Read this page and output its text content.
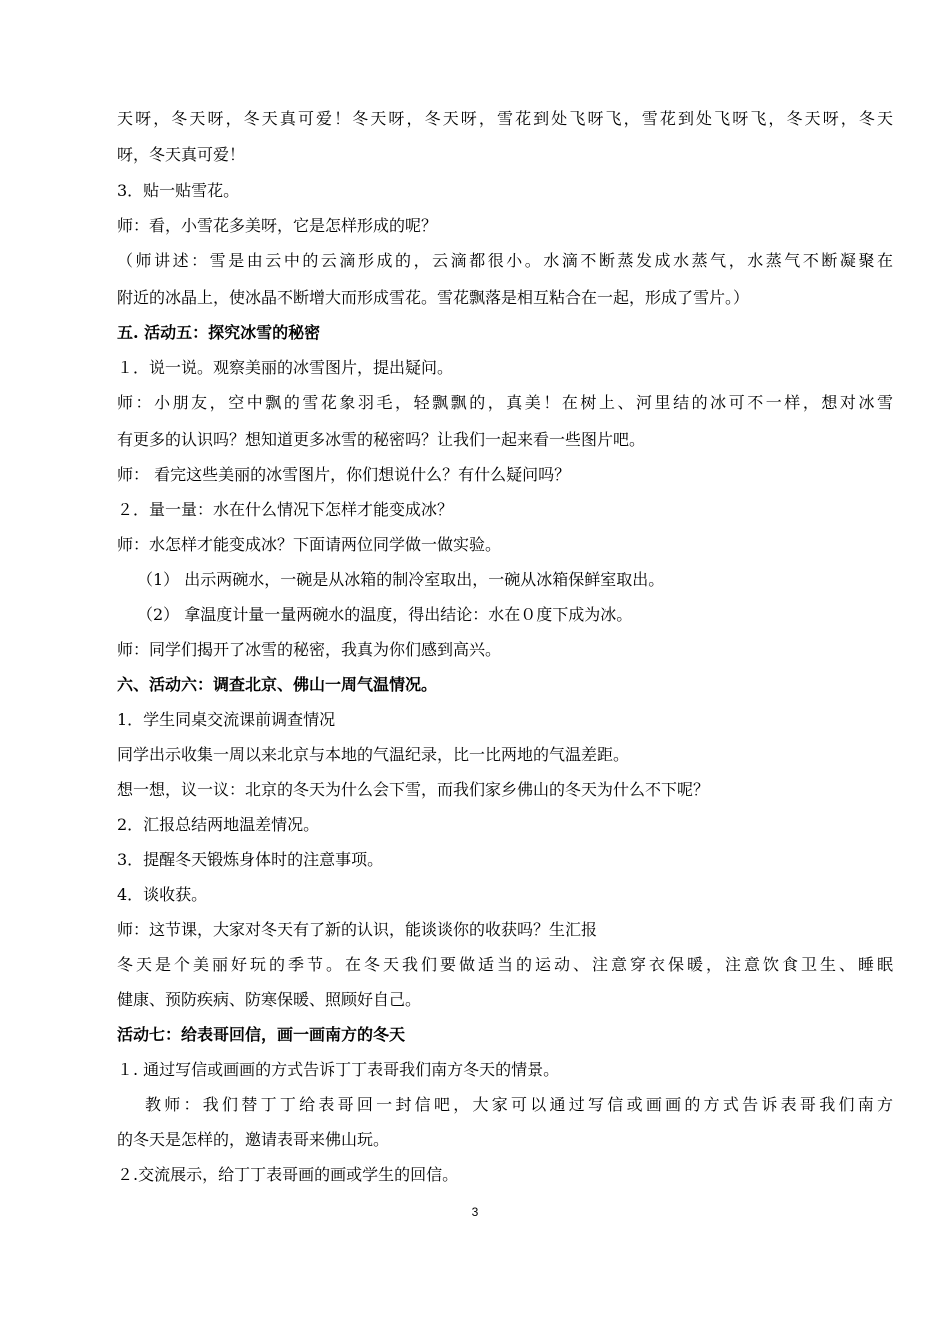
天呀，冬天呀，冬天真可爱！冬天呀，冬天呀，雪花到处飞呀飞，雪花到处飞呀飞，冬天呀，冬天
呀，冬天真可爱！
3．贴一贴雪花。
师：看，小雪花多美呀，它是怎样形成的呢？
（师讲述：雪是由云中的云滴形成的，云滴都很小。水滴不断蒸发成水蒸气，水蒸气不断凝聚在
附近的冰晶上，使冰晶不断增大而形成雪花。雪花飘落是相互粘合在一起，形成了雪片。）
五. 活动五：探究冰雪的秘密
１．说一说。观察美丽的冰雪图片，提出疑问。
师：小朋友，空中飘的雪花象羽毛，轻飘飘的，真美！在树上、河里结的冰可不一样，想对冰雪
有更多的认识吗？想知道更多冰雪的秘密吗？让我们一起来看一些图片吧。
师： 看完这些美丽的冰雪图片，你们想说什么？有什么疑问吗？
２．量一量：水在什么情况下怎样才能变成冰？
师：水怎样才能变成冰？下面请两位同学做一做实验。
（1） 出示两碗水，一碗是从冰箱的制冷室取出，一碗从冰箱保鲜室取出。
（2） 拿温度计量一量两碗水的温度，得出结论：水在０度下成为冰。
师：同学们揭开了冰雪的秘密，我真为你们感到高兴。
六、活动六：调查北京、佛山一周气温情况。
1．学生同桌交流课前调查情况
同学出示收集一周以来北京与本地的气温纪录，比一比两地的气温差距。
想一想，议一议：北京的冬天为什么会下雪，而我们家乡佛山的冬天为什么不下呢？
2．汇报总结两地温差情况。
3．提醒冬天锻炼身体时的注意事项。
4．谈收获。
师：这节课，大家对冬天有了新的认识，能谈谈你的收获吗？生汇报
冬天是个美丽好玩的季节。在冬天我们要做适当的运动、注意穿衣保暖，注意饮食卫生、睡眠
健康、预防疾病、防寒保暖、照顾好自己。
活动七：给表哥回信，画一画南方的冬天
１. 通过写信或画画的方式告诉丁丁表哥我们南方冬天的情景。
教师：我们替丁丁给表哥回一封信吧，大家可以通过写信或画画的方式告诉表哥我们南方
的冬天是怎样的，邀请表哥来佛山玩。
２.交流展示，给丁丁表哥画的画或学生的回信。
3
